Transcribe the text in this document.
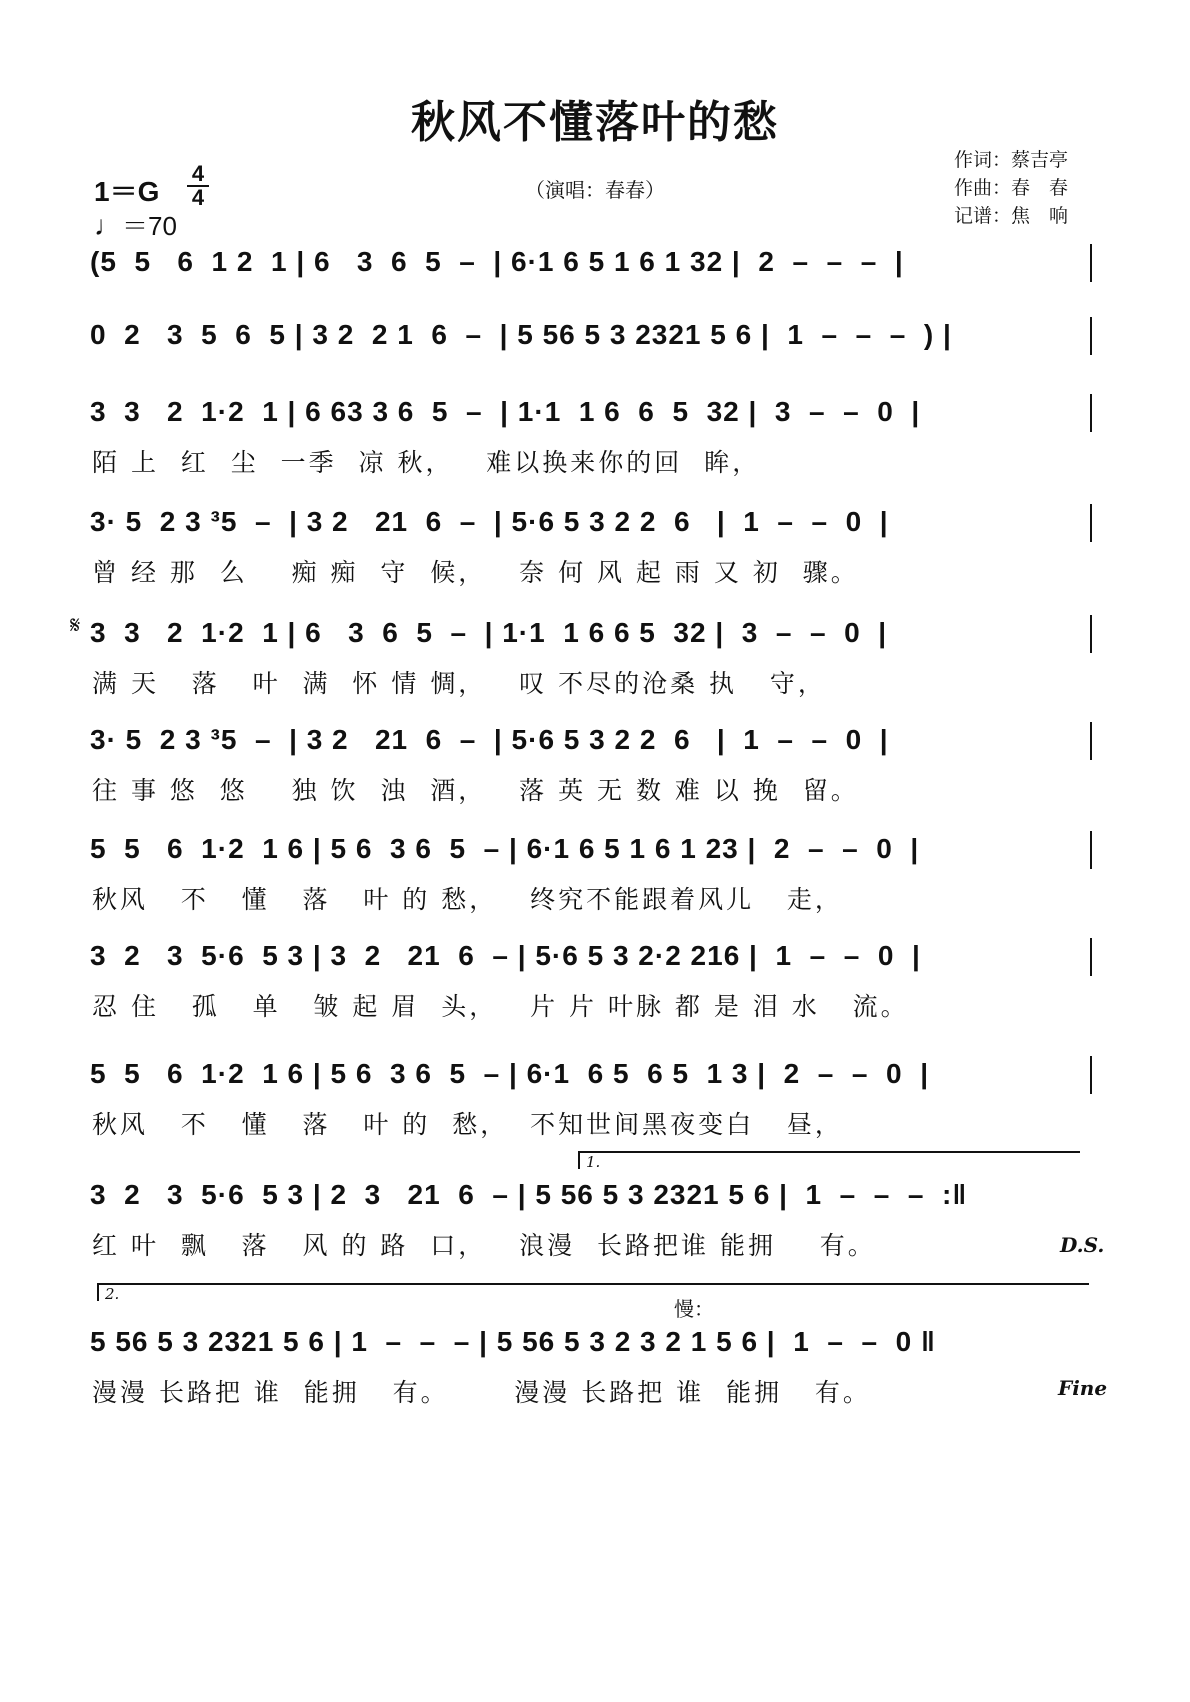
秋风不懂落叶的愁
（演唱：春春）
作词：蔡吉亭
作曲：春　春
记谱：焦　响
1＝G
4
4
♩＝70
(5  5   6  1 2  1 | 6   3  6  5  –  | 6·1 6 5 1 6 1 32 |  2  –  –  –  |
0  2   3  5  6  5 | 3 2  2 1  6  –  | 5 56 5 3 2321 5 6 |  1  –  –  –  ) |
3  3   2  1·2  1 | 6 63 3 6  5  –  | 1·1  1 6  6  5  32 |  3  –  –  0  |
陌 上  红  尘  一季  凉 秋，   难以换来你的回  眸，
3· 5  2 3 ³5  –  | 3 2   21  6  –  | 5·6 5 3 2 2  6   |  1  –  –  0  |
曾 经 那  么    痴 痴  守  候，   奈 何 风 起 雨 又 初  骤。
𝄋 3  3   2  1·2  1 | 6   3  6  5  –  | 1·1  1 6 6 5  32 |  3  –  –  0  |
满 天   落   叶  满  怀 情 惆，   叹 不尽的沧桑 执   守，
3· 5  2 3 ³5  –  | 3 2   21  6  –  | 5·6 5 3 2 2  6   |  1  –  –  0  |
往 事 悠  悠    独 饮  浊  酒，   落 英 无 数 难 以 挽  留。
5  5   6  1·2  1 6 | 5 6  3 6  5  – | 6·1 6 5 1 6 1 23 |  2  –  –  0  |
秋风   不   懂   落   叶 的 愁，   终究不能跟着风儿   走，
3  2   3  5·6  5 3 | 3  2   21  6  – | 5·6 5 3 2·2 216 |  1  –  –  0  |
忍 住   孤   单   皱 起 眉  头，   片 片 叶脉 都 是 泪 水   流。
5  5   6  1·2  1 6 | 5 6  3 6  5  – | 6·1  6 5  6 5  1 3 |  2  –  –  0  |
秋风   不   懂   落   叶 的  愁，  不知世间黑夜变白   昼，
1.
3  2   3  5·6  5 3 | 2  3   21  6  – | 5 56 5 3 2321 5 6 |  1  –  –  –  :‖
红 叶  飘   落   风 的 路  口，   浪漫  长路把谁 能拥    有。	D.S.
2.
慢：
5 56 5 3 2321 5 6 | 1  –  –  – | 5 56 5 3 2 3 2 1 5 6 |  1  –  –  0 ‖
漫漫 长路把 谁  能拥   有。      漫漫 长路把 谁  能拥   有。	Fine
